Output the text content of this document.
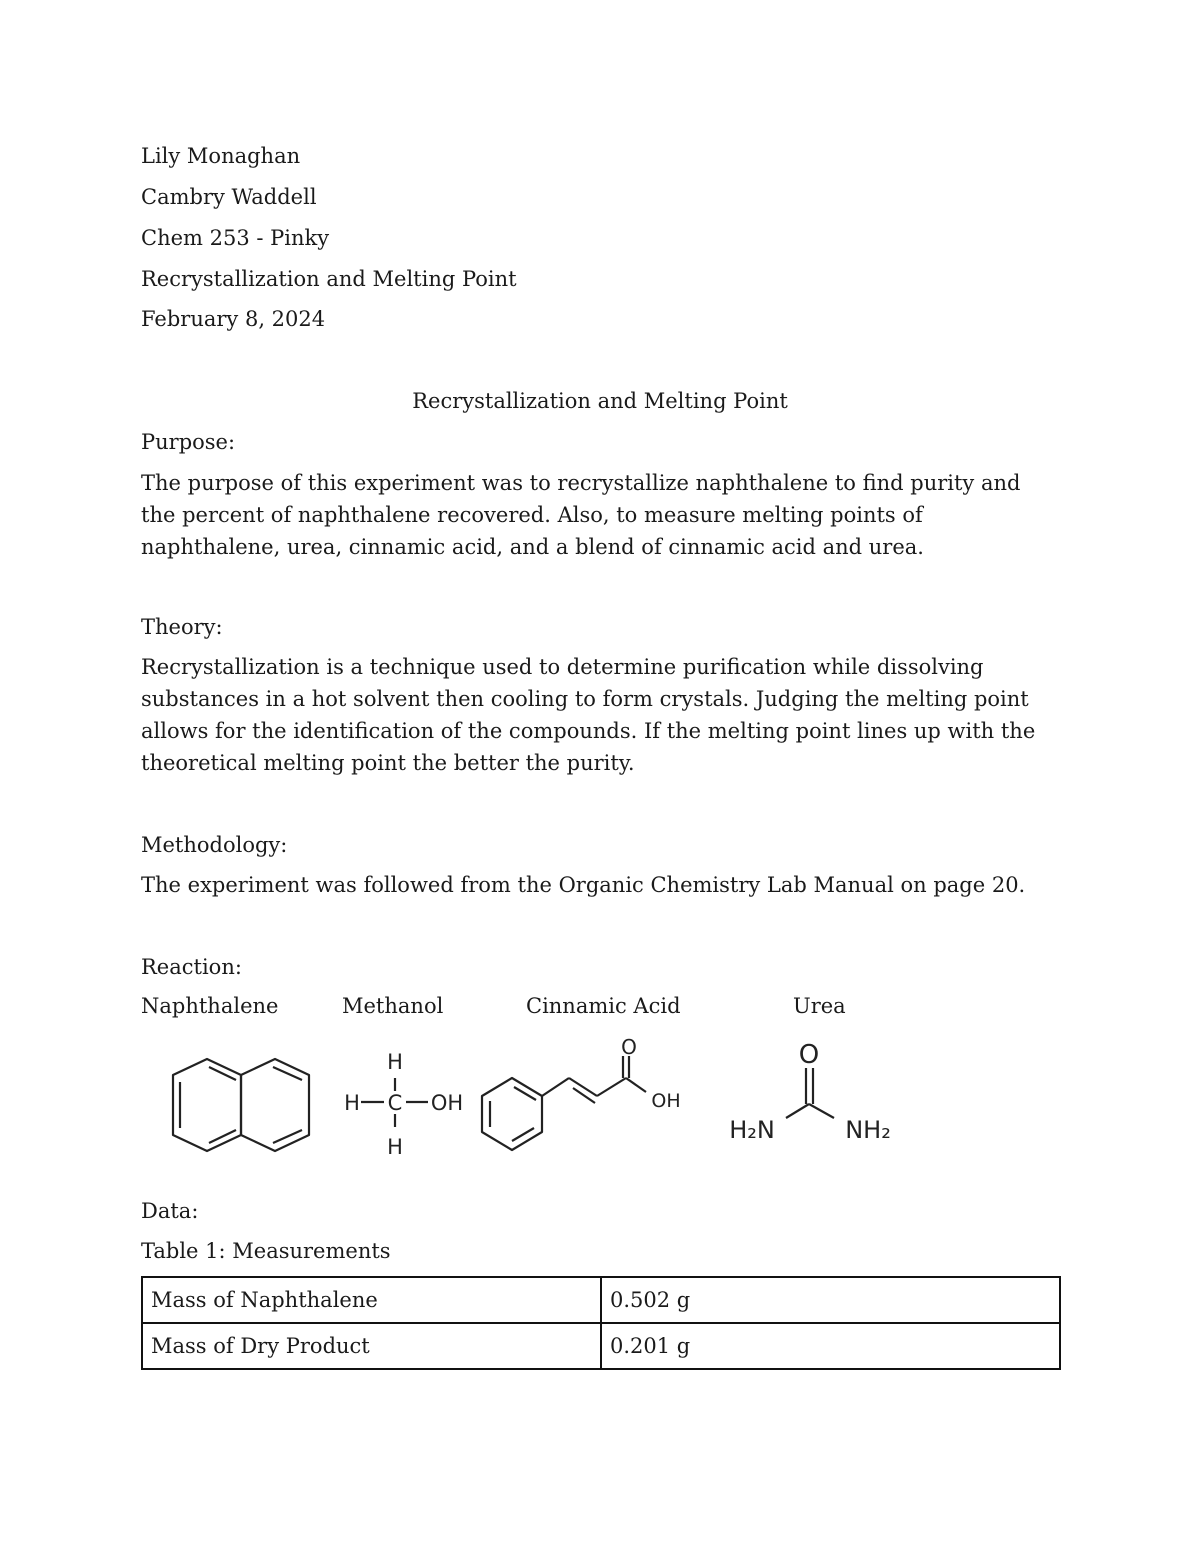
Lily Monaghan

Cambry Waddell

Chem 253 - Pinky

Recrystallization and Melting Point

February 8, 2024

Recrystallization and Melting Point

Purpose:

The purpose of this experiment was to recrystallize naphthalene to find purity and the percent of naphthalene recovered. Also, to measure melting points of naphthalene, urea, cinnamic acid, and a blend of cinnamic acid and urea.

Theory:

Recrystallization is a technique used to determine purification while dissolving substances in a hot solvent then cooling to form crystals. Judging the melting point allows for the identification of the compounds. If the melting point lines up with the theoretical melting point the better the purity.

Methodology:

The experiment was followed from the Organic Chemistry Lab Manual on page 20.

Reaction:

Naphthalene	Methanol	Cinnamic Acid	Urea
H
H C OH
H
O
OH
O
H₂N	NH₂

Data:

Table 1: Measurements

Mass of Naphthalene	0.502 g
Mass of Dry Product	0.201 g
